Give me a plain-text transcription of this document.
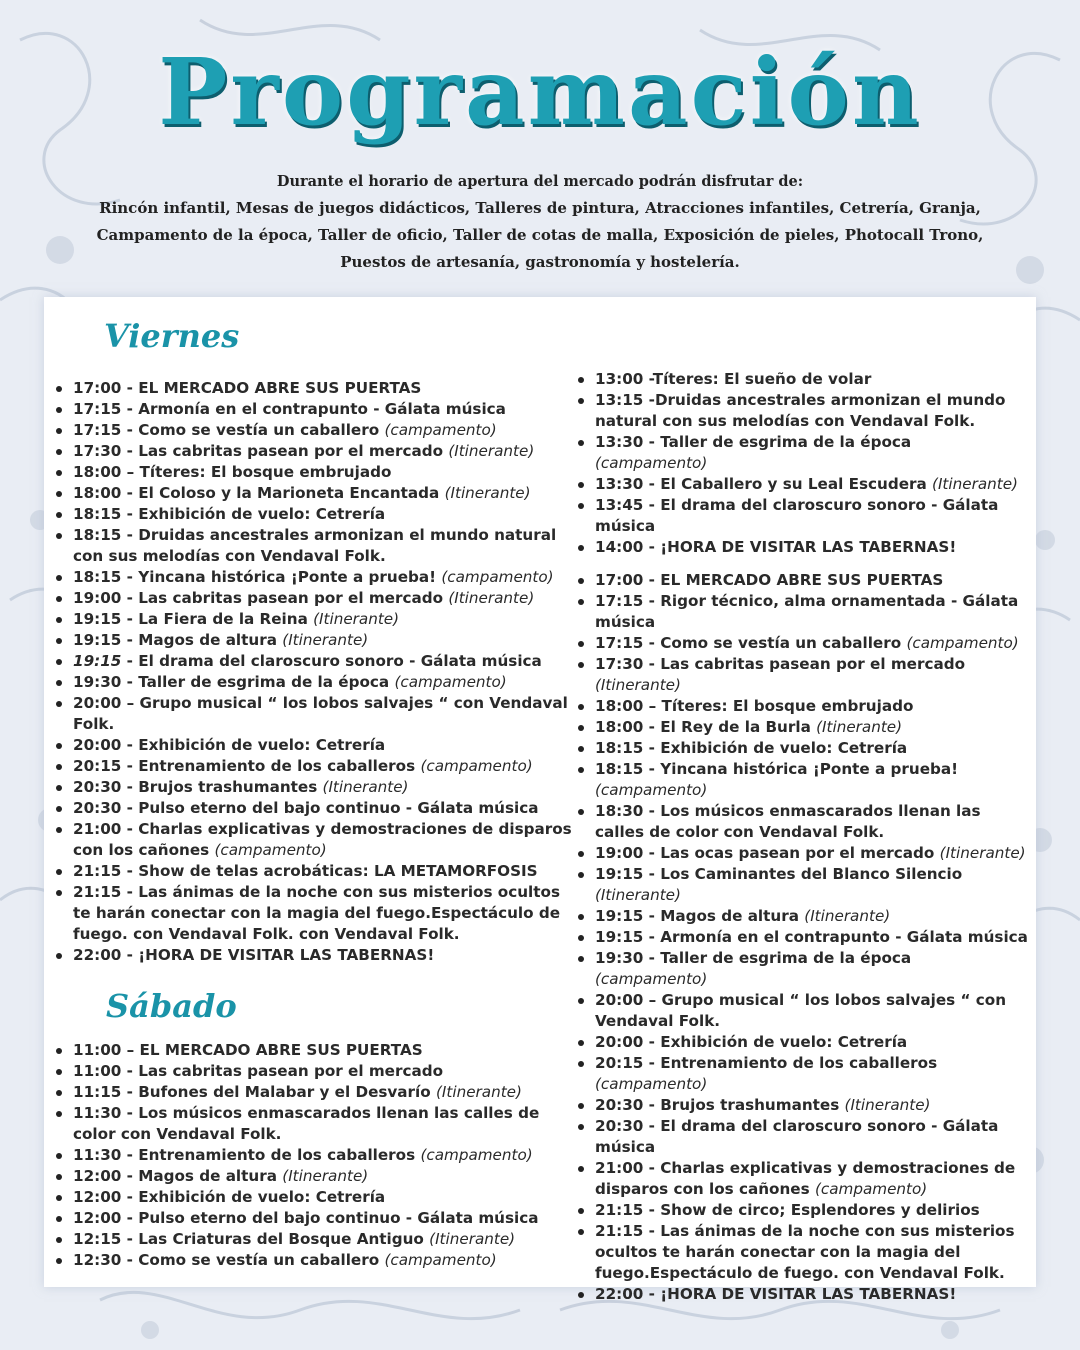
Programación
Durante el horario de apertura del mercado podrán disfrutar de:
Rincón infantil, Mesas de juegos didácticos, Talleres de pintura, Atracciones infantiles, Cetrería, Granja,
Campamento de la época, Taller de oficio, Taller de cotas de malla, Exposición de pieles, Photocall Trono,
Puestos de artesanía, gastronomía y hostelería.
Viernes
17:00 - EL MERCADO ABRE SUS PUERTAS
17:15 - Armonía en el contrapunto - Gálata música
17:15 - Como se vestía un caballero (campamento)
17:30 - Las cabritas pasean por el mercado (Itinerante)
18:00 – Títeres: El bosque embrujado
18:00 - El Coloso y la Marioneta Encantada (Itinerante)
18:15 - Exhibición de vuelo: Cetrería
18:15 - Druidas ancestrales armonizan el mundo natural con sus melodías con Vendaval Folk.
18:15 - Yincana histórica ¡Ponte a prueba! (campamento)
19:00 - Las cabritas pasean por el mercado (Itinerante)
19:15 - La Fiera de la Reina (Itinerante)
19:15 - Magos de altura (Itinerante)
19:15 - El drama del claroscuro sonoro - Gálata música
19:30 - Taller de esgrima de la época (campamento)
20:00 – Grupo musical “ los lobos salvajes “ con Vendaval Folk.
20:00 - Exhibición de vuelo: Cetrería
20:15 - Entrenamiento de los caballeros (campamento)
20:30 - Brujos trashumantes (Itinerante)
20:30 - Pulso eterno del bajo continuo - Gálata música
21:00 - Charlas explicativas y demostraciones de disparos con los cañones (campamento)
21:15 - Show de telas acrobáticas: LA METAMORFOSIS
21:15 - Las ánimas de la noche con sus misterios ocultos te harán conectar con la magia del fuego.Espectáculo de fuego. con Vendaval Folk. con Vendaval Folk.
22:00 - ¡HORA DE VISITAR LAS TABERNAS!
Sábado
11:00 – EL MERCADO ABRE SUS PUERTAS
11:00 - Las cabritas pasean por el mercado
11:15 - Bufones del Malabar y el Desvarío (Itinerante)
11:30 - Los músicos enmascarados llenan las calles de color con Vendaval Folk.
11:30 - Entrenamiento de los caballeros (campamento)
12:00 - Magos de altura (Itinerante)
12:00 - Exhibición de vuelo: Cetrería
12:00 - Pulso eterno del bajo continuo - Gálata música
12:15 - Las Criaturas del Bosque Antiguo (Itinerante)
12:30 - Como se vestía un caballero (campamento)
13:00 -Títeres: El sueño de volar
13:15 -Druidas ancestrales armonizan el mundo natural con sus melodías con Vendaval Folk.
13:30 - Taller de esgrima de la época (campamento)
13:30 - El Caballero y su Leal Escudera (Itinerante)
13:45 - El drama del claroscuro sonoro - Gálata música
14:00 - ¡HORA DE VISITAR LAS TABERNAS!
17:00 - EL MERCADO ABRE SUS PUERTAS
17:15 - Rigor técnico, alma ornamentada - Gálata música
17:15 - Como se vestía un caballero (campamento)
17:30 - Las cabritas pasean por el mercado (Itinerante)
18:00 – Títeres: El bosque embrujado
18:00 - El Rey de la Burla (Itinerante)
18:15 - Exhibición de vuelo: Cetrería
18:15 - Yincana histórica ¡Ponte a prueba! (campamento)
18:30 - Los músicos enmascarados llenan las calles de color con Vendaval Folk.
19:00 - Las ocas pasean por el mercado (Itinerante)
19:15 - Los Caminantes del Blanco Silencio (Itinerante)
19:15 - Magos de altura (Itinerante)
19:15 - Armonía en el contrapunto - Gálata música
19:30 - Taller de esgrima de la época (campamento)
20:00 – Grupo musical “ los lobos salvajes “ con Vendaval Folk.
20:00 - Exhibición de vuelo: Cetrería
20:15 - Entrenamiento de los caballeros (campamento)
20:30 - Brujos trashumantes (Itinerante)
20:30 - El drama del claroscuro sonoro - Gálata música
21:00 - Charlas explicativas y demostraciones de disparos con los cañones (campamento)
21:15 - Show de circo; Esplendores y delirios
21:15 - Las ánimas de la noche con sus misterios ocultos te harán conectar con la magia del fuego.Espectáculo de fuego. con Vendaval Folk.
22:00 - ¡HORA DE VISITAR LAS TABERNAS!
